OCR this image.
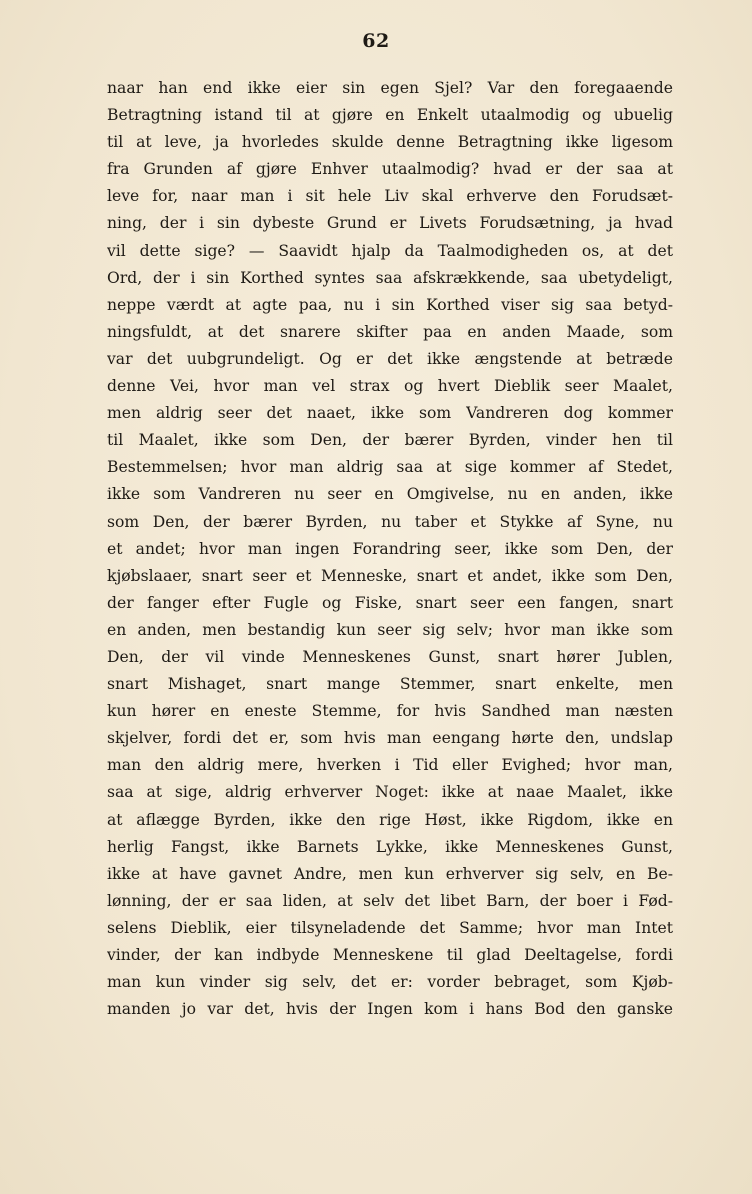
62
naar han end ikke eier sin egen Sjel? Var den foregaaende
Betragtning istand til at gjøre en Enkelt utaalmodig og ubuelig
til at leve, ja hvorledes skulde denne Betragtning ikke ligesom
fra Grunden af gjøre Enhver utaalmodig? hvad er der saa at
leve for, naar man i sit hele Liv skal erhverve den Forudsæt-
ning, der i sin dybeste Grund er Livets Forudsætning, ja hvad
vil dette sige? — Saavidt hjalp da Taalmodigheden os, at det
Ord, der i sin Korthed syntes saa afskrækkende, saa ubetydeligt,
neppe værdt at agte paa, nu i sin Korthed viser sig saa betyd-
ningsfuldt, at det snarere skifter paa en anden Maade, som
var det uubgrundeligt. Og er det ikke ængstende at betræde
denne Vei, hvor man vel strax og hvert Dieblik seer Maalet,
men aldrig seer det naaet, ikke som Vandreren dog kommer
til Maalet, ikke som Den, der bærer Byrden, vinder hen til
Bestemmelsen; hvor man aldrig saa at sige kommer af Stedet,
ikke som Vandreren nu seer en Omgivelse, nu en anden, ikke
som Den, der bærer Byrden, nu taber et Stykke af Syne, nu
et andet; hvor man ingen Forandring seer, ikke som Den, der
kjøbslaaer, snart seer et Menneske, snart et andet, ikke som Den,
der fanger efter Fugle og Fiske, snart seer een fangen, snart
en anden, men bestandig kun seer sig selv; hvor man ikke som
Den, der vil vinde Menneskenes Gunst, snart hører Jublen,
snart Mishaget, snart mange Stemmer, snart enkelte, men
kun hører en eneste Stemme, for hvis Sandhed man næsten
skjelver, fordi det er, som hvis man eengang hørte den, undslap
man den aldrig mere, hverken i Tid eller Evighed; hvor man,
saa at sige, aldrig erhverver Noget: ikke at naae Maalet, ikke
at aflægge Byrden, ikke den rige Høst, ikke Rigdom, ikke en
herlig Fangst, ikke Barnets Lykke, ikke Menneskenes Gunst,
ikke at have gavnet Andre, men kun erhverver sig selv, en Be-
lønning, der er saa liden, at selv det libet Barn, der boer i Fød-
selens Dieblik, eier tilsyneladende det Samme; hvor man Intet
vinder, der kan indbyde Menneskene til glad Deeltagelse, fordi
man kun vinder sig selv, det er: vorder bebraget, som Kjøb-
manden jo var det, hvis der Ingen kom i hans Bod den ganske
